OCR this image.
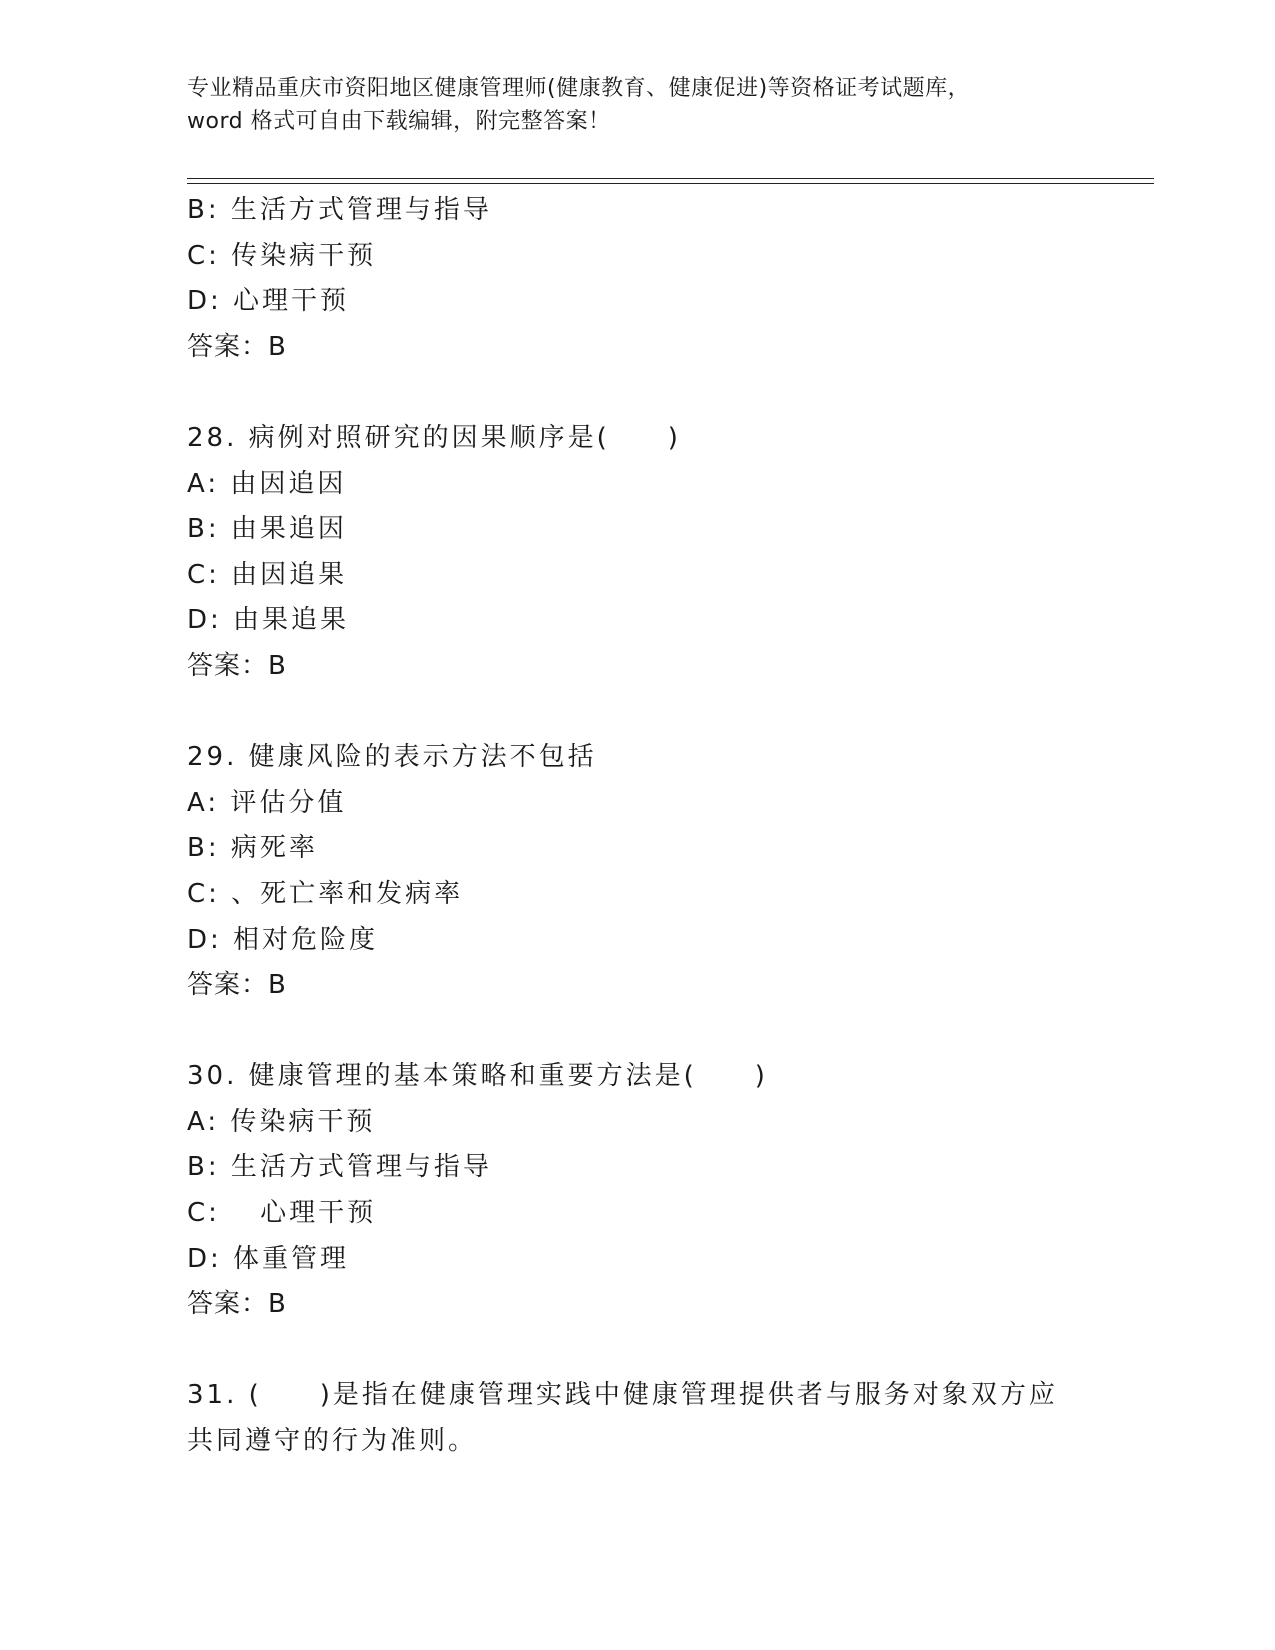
专业精品重庆市资阳地区健康管理师(健康教育、健康促进)等资格证考试题库，
word 格式可自由下载编辑，附完整答案！
B: 生活方式管理与指导
C: 传染病干预
D: 心理干预
答案：B
28. 病例对照研究的因果顺序是(　　)
A: 由因追因
B: 由果追因
C: 由因追果
D: 由果追果
答案：B
29. 健康风险的表示方法不包括
A: 评估分值
B: 病死率
C: 、死亡率和发病率
D: 相对危险度
答案：B
30. 健康管理的基本策略和重要方法是(　　)
A: 传染病干预
B: 生活方式管理与指导
C: 　心理干预
D: 体重管理
答案：B
31. (　　)是指在健康管理实践中健康管理提供者与服务对象双方应共同遵守的行为准则。
